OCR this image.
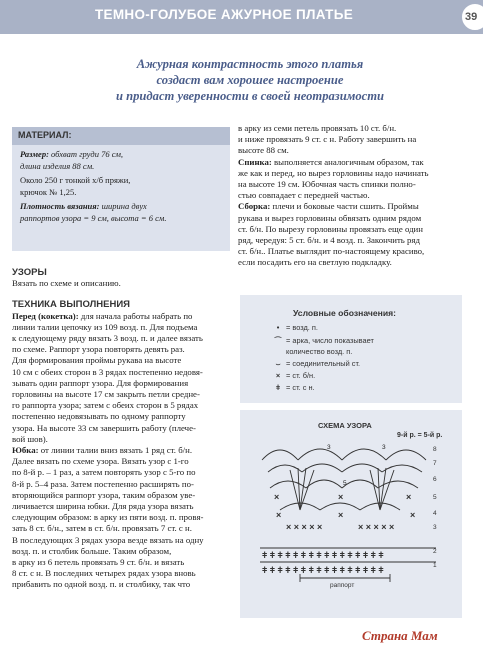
ТЕМНО-ГОЛУБОЕ АЖУРНОЕ ПЛАТЬЕ	39
Ажурная контрастность этого платья
создаст вам хорошее настроение
и придаст уверенности в своей неотразимости
МАТЕРИАЛ:

Размер: обхват груди 76 см,
длина изделия 88 см.

Около 250 г тонкой х/б пряжи,
крючок № 1,25.

Плотность вязания: ширина двух
раппортов узора = 9 см, высота = 6 см.

УЗОРЫ

Вязать по схеме и описанию.

ТЕХНИКА ВЫПОЛНЕНИЯ

Перед (кокетка): для начала работы набрать по
линии талии цепочку из 109 возд. п. Для подъема
к следующему ряду вязать 3 возд. п. и далее вязать
по схеме. Раппорт узора повторять девять раз.
Для формирования проймы рукава на высоте
10 см с обеих сторон в 3 рядах постепенно недовя-
зывать один раппорт узора. Для формирования
горловины на высоте 17 см закрыть петли средне-
го раппорта узора; затем с обеих сторон в 5 рядах
постепенно недовязывать по одному раппорту
узора. На высоте 33 см завершить работу (плече-
вой шов).

Юбка: от линии талии вниз вязать 1 ряд ст. б/н.
Далее вязать по схеме узора. Вязать узор с 1-го
по 8-й р. – 1 раз, а затем повторять узор с 5-го по
8-й р. 5–4 раза. Затем постепенно расширять по-
вторяющийся раппорт узора, таким образом уве-
личивается ширина юбки. Для ряда узора вязать
следующим образом: в арку из пяти возд. п. провя-
зать 8 ст. б/н., затем в ст. б/н. провязать 7 ст. с н.
В последующих 3 рядах узора везде вязать на одну
возд. п. и столбик больше. Таким образом,
в арку из 6 петель провязать 9 ст. б/н. и вязать
8 ст. с н. В последних четырех рядах узора вновь
прибавить по одной возд. п. и столбику, так что

в арку из семи петель провязать 10 ст. б/н.
и ниже провязать 9 ст. с н. Работу завершить на
высоте 88 см.

Спинка: выполняется аналогичным образом, так
же как и перед, но вырез горловины надо начинать
на высоте 19 см. Юбочная часть спинки полно-
стью совпадает с передней частью.

Сборка: плечи и боковые части сшить. Проймы
рукава и вырез горловины обвязать одним рядом
ст. б/н. По вырезу горловины провязать еще один
ряд, чередуя: 5 ст. б/н. и 4 возд. п. Закончить ряд
ст. б/н.. Платье выглядит по-настоящему красиво,
если посадить его на светлую подкладку.

Условные обозначения:
• = возд. п.
⌒ = арка, число показывает
количество возд. п.
⌣ = соединительный ст.
× = ст. б/н.
ǂ = ст. с н.
СХЕМА УЗОРА
9-й р. = 5-й р.
× × × × ×	× × × × ×
×	×	×
×	×	×
ǂ ǂ ǂ ǂ ǂ ǂ ǂ ǂ ǂ ǂ ǂ ǂ ǂ ǂ ǂ ǂ
ǂ ǂ ǂ ǂ ǂ ǂ ǂ ǂ ǂ ǂ ǂ ǂ ǂ ǂ ǂ ǂ
3
5
3	8
7
6
5
4
3
2
1
раппорт
Страна Мам
